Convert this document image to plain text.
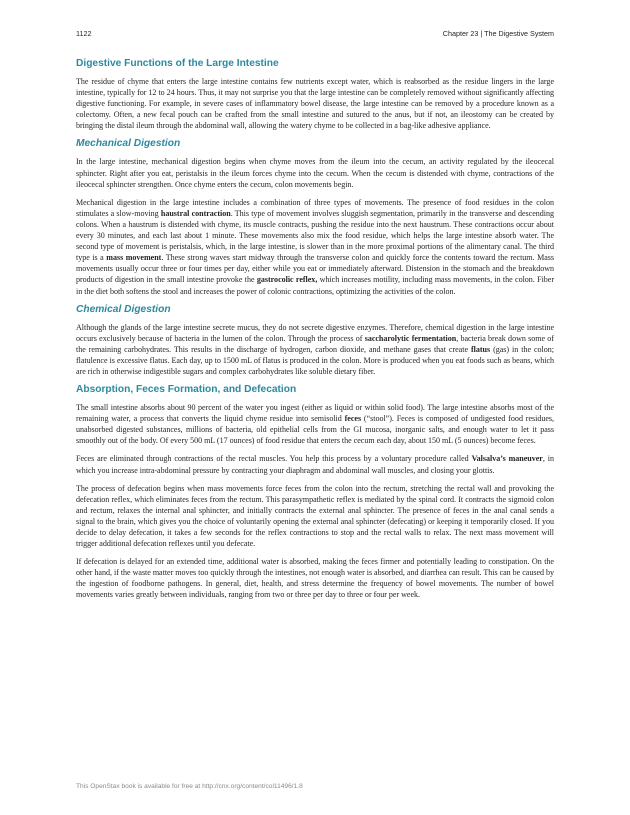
1122	Chapter 23 | The Digestive System
Digestive Functions of the Large Intestine

The residue of chyme that enters the large intestine contains few nutrients except water, which is reabsorbed as the residue lingers in the large intestine, typically for 12 to 24 hours. Thus, it may not surprise you that the large intestine can be completely removed without significantly affecting digestive functioning. For example, in severe cases of inflammatory bowel disease, the large intestine can be removed by a procedure known as a colectomy. Often, a new fecal pouch can be crafted from the small intestine and sutured to the anus, but if not, an ileostomy can be created by bringing the distal ileum through the abdominal wall, allowing the watery chyme to be collected in a bag-like adhesive appliance.

Mechanical Digestion

In the large intestine, mechanical digestion begins when chyme moves from the ileum into the cecum, an activity regulated by the ileocecal sphincter. Right after you eat, peristalsis in the ileum forces chyme into the cecum. When the cecum is distended with chyme, contractions of the ileocecal sphincter strengthen. Once chyme enters the cecum, colon movements begin.

Mechanical digestion in the large intestine includes a combination of three types of movements. The presence of food residues in the colon stimulates a slow-moving haustral contraction. This type of movement involves sluggish segmentation, primarily in the transverse and descending colons. When a haustrum is distended with chyme, its muscle contracts, pushing the residue into the next haustrum. These contractions occur about every 30 minutes, and each last about 1 minute. These movements also mix the food residue, which helps the large intestine absorb water. The second type of movement is peristalsis, which, in the large intestine, is slower than in the more proximal portions of the alimentary canal. The third type is a mass movement. These strong waves start midway through the transverse colon and quickly force the contents toward the rectum. Mass movements usually occur three or four times per day, either while you eat or immediately afterward. Distension in the stomach and the breakdown products of digestion in the small intestine provoke the gastrocolic reflex, which increases motility, including mass movements, in the colon. Fiber in the diet both softens the stool and increases the power of colonic contractions, optimizing the activities of the colon.

Chemical Digestion

Although the glands of the large intestine secrete mucus, they do not secrete digestive enzymes. Therefore, chemical digestion in the large intestine occurs exclusively because of bacteria in the lumen of the colon. Through the process of saccharolytic fermentation, bacteria break down some of the remaining carbohydrates. This results in the discharge of hydrogen, carbon dioxide, and methane gases that create flatus (gas) in the colon; flatulence is excessive flatus. Each day, up to 1500 mL of flatus is produced in the colon. More is produced when you eat foods such as beans, which are rich in otherwise indigestible sugars and complex carbohydrates like soluble dietary fiber.

Absorption, Feces Formation, and Defecation

The small intestine absorbs about 90 percent of the water you ingest (either as liquid or within solid food). The large intestine absorbs most of the remaining water, a process that converts the liquid chyme residue into semisolid feces (“stool”). Feces is composed of undigested food residues, unabsorbed digested substances, millions of bacteria, old epithelial cells from the GI mucosa, inorganic salts, and enough water to let it pass smoothly out of the body. Of every 500 mL (17 ounces) of food residue that enters the cecum each day, about 150 mL (5 ounces) become feces.

Feces are eliminated through contractions of the rectal muscles. You help this process by a voluntary procedure called Valsalva’s maneuver, in which you increase intra-abdominal pressure by contracting your diaphragm and abdominal wall muscles, and closing your glottis.

The process of defecation begins when mass movements force feces from the colon into the rectum, stretching the rectal wall and provoking the defecation reflex, which eliminates feces from the rectum. This parasympathetic reflex is mediated by the spinal cord. It contracts the sigmoid colon and rectum, relaxes the internal anal sphincter, and initially contracts the external anal sphincter. The presence of feces in the anal canal sends a signal to the brain, which gives you the choice of voluntarily opening the external anal sphincter (defecating) or keeping it temporarily closed. If you decide to delay defecation, it takes a few seconds for the reflex contractions to stop and the rectal walls to relax. The next mass movement will trigger additional defecation reflexes until you defecate.

If defecation is delayed for an extended time, additional water is absorbed, making the feces firmer and potentially leading to constipation. On the other hand, if the waste matter moves too quickly through the intestines, not enough water is absorbed, and diarrhea can result. This can be caused by the ingestion of foodborne pathogens. In general, diet, health, and stress determine the frequency of bowel movements. The number of bowel movements varies greatly between individuals, ranging from two or three per day to three or four per week.

This OpenStax book is available for free at http://cnx.org/content/col11496/1.8
